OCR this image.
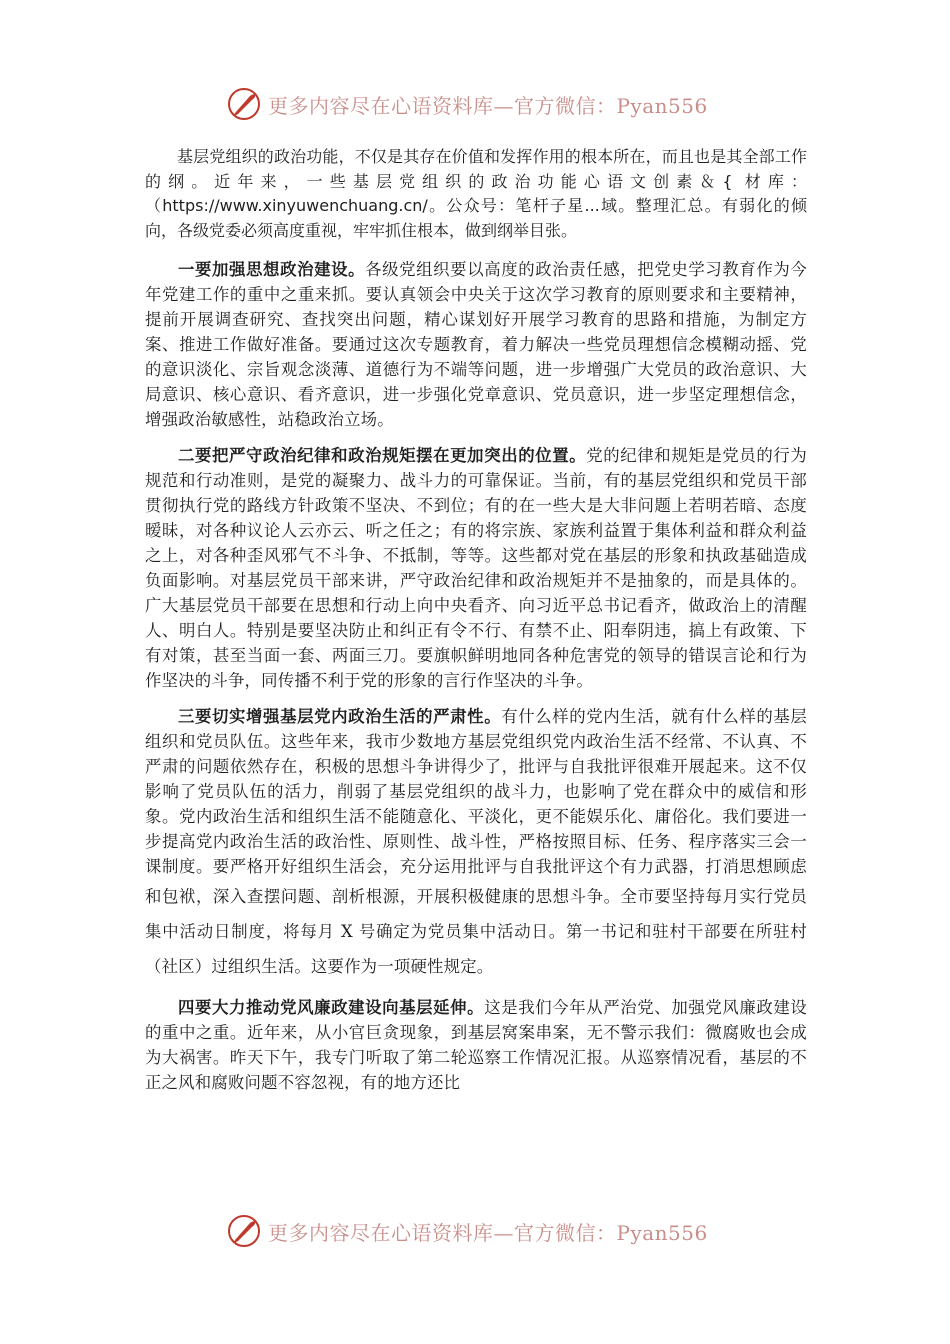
更多内容尽在心语资料库—官方微信：Pyan556

基层党组织的政治功能，不仅是其存在价值和发挥作用的根本所在，而且也是其全部工作的纲。近年来，一些基层党组织的政治功能心语文创素＆{ 材库：（https://www.xinyuwenchuang.cn/。公众号：笔杆子星...域。整理汇总。有弱化的倾向，各级党委必须高度重视，牢牢抓住根本，做到纲举目张。

一要加强思想政治建设。各级党组织要以高度的政治责任感，把党史学习教育作为今年党建工作的重中之重来抓。要认真领会中央关于这次学习教育的原则要求和主要精神，提前开展调查研究、查找突出问题，精心谋划好开展学习教育的思路和措施，为制定方案、推进工作做好准备。要通过这次专题教育，着力解决一些党员理想信念模糊动摇、党的意识淡化、宗旨观念淡薄、道德行为不端等问题，进一步增强广大党员的政治意识、大局意识、核心意识、看齐意识，进一步强化党章意识、党员意识，进一步坚定理想信念，增强政治敏感性，站稳政治立场。

二要把严守政治纪律和政治规矩摆在更加突出的位置。党的纪律和规矩是党员的行为规范和行动准则，是党的凝聚力、战斗力的可靠保证。当前，有的基层党组织和党员干部贯彻执行党的路线方针政策不坚决、不到位；有的在一些大是大非问题上若明若暗、态度暧昧，对各种议论人云亦云、听之任之；有的将宗族、家族利益置于集体利益和群众利益之上，对各种歪风邪气不斗争、不抵制，等等。这些都对党在基层的形象和执政基础造成负面影响。对基层党员干部来讲，严守政治纪律和政治规矩并不是抽象的，而是具体的。广大基层党员干部要在思想和行动上向中央看齐、向习近平总书记看齐，做政治上的清醒人、明白人。特别是要坚决防止和纠正有令不行、有禁不止、阳奉阴违，搞上有政策、下有对策，甚至当面一套、两面三刀。要旗帜鲜明地同各种危害党的领导的错误言论和行为作坚决的斗争，同传播不利于党的形象的言行作坚决的斗争。

三要切实增强基层党内政治生活的严肃性。有什么样的党内生活，就有什么样的基层组织和党员队伍。这些年来，我市少数地方基层党组织党内政治生活不经常、不认真、不严肃的问题依然存在，积极的思想斗争讲得少了，批评与自我批评很难开展起来。这不仅影响了党员队伍的活力，削弱了基层党组织的战斗力，也影响了党在群众中的威信和形象。党内政治生活和组织生活不能随意化、平淡化，更不能娱乐化、庸俗化。我们要进一步提高党内政治生活的政治性、原则性、战斗性，严格按照目标、任务、程序落实三会一课制度。要严格开好组织生活会，充分运用批评与自我批评这个有力武器，打消思想顾虑和包袱，深入查摆问题、剖析根源，开展积极健康的思想斗争。全市要坚持每月实行党员集中活动日制度，将每月 X 号确定为党员集中活动日。第一书记和驻村干部要在所驻村（社区）过组织生活。这要作为一项硬性规定。

四要大力推动党风廉政建设向基层延伸。这是我们今年从严治党、加强党风廉政建设的重中之重。近年来，从小官巨贪现象，到基层窝案串案，无不警示我们：微腐败也会成为大祸害。昨天下午，我专门听取了第二轮巡察工作情况汇报。从巡察情况看，基层的不正之风和腐败问题不容忽视，有的地方还比

更多内容尽在心语资料库—官方微信：Pyan556
